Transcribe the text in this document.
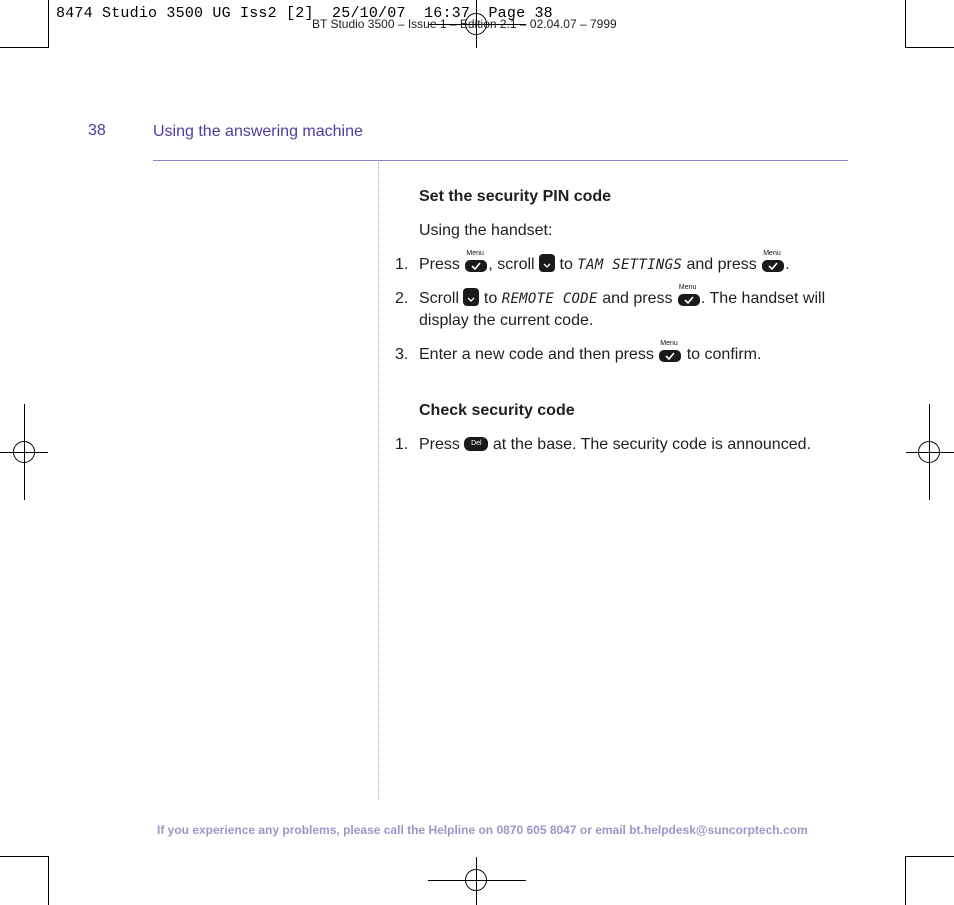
BT Studio 3500 – Issue 1 – Edition 2.1 – 02.04.07 – 7999
8474 Studio 3500 UG Iss2 [2]  25/10/07  16:37  Page 38
38	Using the answering machine
Set the security PIN code
Using the handset:
1. Press
Menu
, scroll to TAM SETTINGS and press
Menu
.
2. Scroll to REMOTE CODE and press
Menu
. The handset will display the current code.
3. Enter a new code and then press
Menu
to confirm.
Check security code
1. Press	Del at the base. The security code is announced.
If you experience any problems, please call the Helpline on 0870 605 8047 or email bt.helpdesk@suncorptech.com
